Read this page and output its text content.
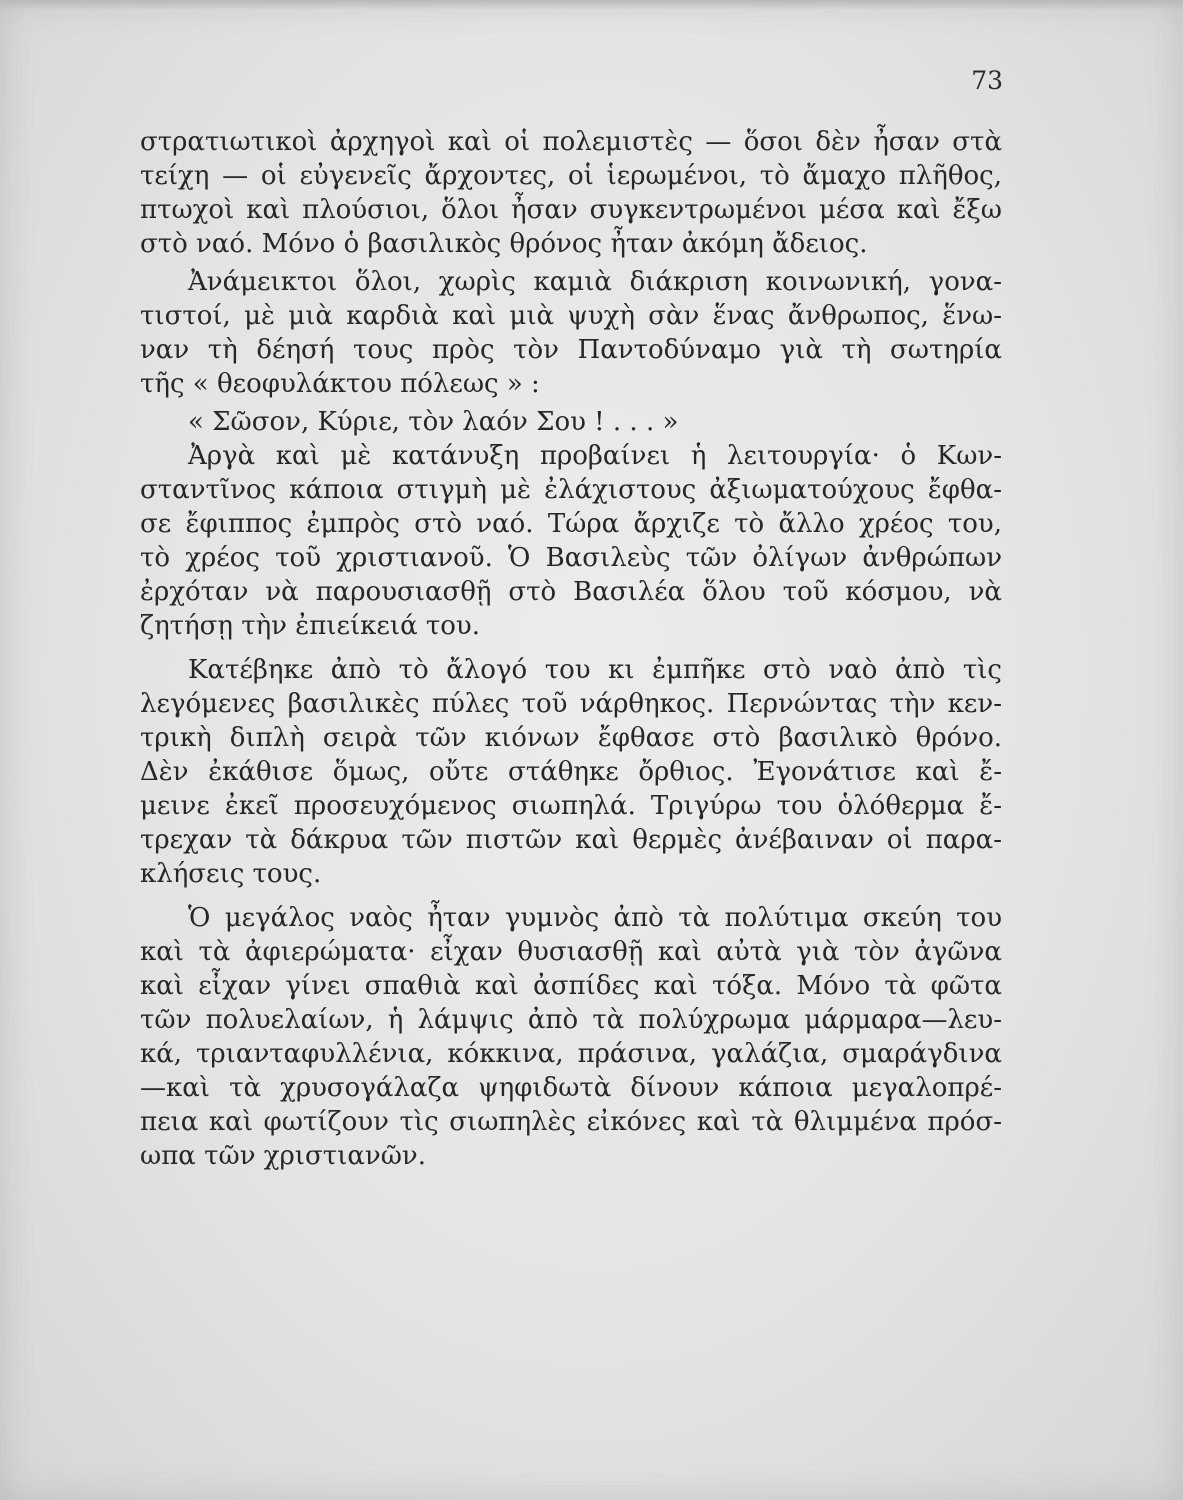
73
στρατιωτικοὶ ἀρχηγοὶ καὶ οἱ πολεμιστὲς — ὅσοι δὲν ἦσαν στὰ
τείχη — οἱ εὐγενεῖς ἄρχοντες, οἱ ἱερωμένοι, τὸ ἄμαχο πλῆθος,
πτωχοὶ καὶ πλούσιοι, ὅλοι ἦσαν συγκεντρωμένοι μέσα καὶ ἔξω
στὸ ναό. Μόνο ὁ βασιλικὸς θρόνος ἦταν ἀκόμη ἄδειος.
Ἀνάμεικτοι ὅλοι, χωρὶς καμιὰ διάκριση κοινωνική, γονα-
τιστοί, μὲ μιὰ καρδιὰ καὶ μιὰ ψυχὴ σὰν ἕνας ἄνθρωπος, ἕνω-
ναν τὴ δέησή τους πρὸς τὸν Παντοδύναμο γιὰ τὴ σωτηρία
τῆς « θεοφυλάκτου πόλεως » :
« Σῶσον, Κύριε, τὸν λαόν Σου ! . . . »
Ἀργὰ καὶ μὲ κατάνυξη προβαίνει ἡ λειτουργία· ὁ Κων-
σταντῖνος κάποια στιγμὴ μὲ ἐλάχιστους ἀξιωματούχους ἔφθα-
σε ἔφιππος ἐμπρὸς στὸ ναό. Τώρα ἄρχιζε τὸ ἄλλο χρέος του,
τὸ χρέος τοῦ χριστιανοῦ. Ὁ Βασιλεὺς τῶν ὀλίγων ἀνθρώπων
ἐρχόταν νὰ παρουσιασθῇ στὸ Βασιλέα ὅλου τοῦ κόσμου, νὰ
ζητήσῃ τὴν ἐπιείκειά του.
Κατέβηκε ἀπὸ τὸ ἄλογό του κι ἐμπῆκε στὸ ναὸ ἀπὸ τὶς
λεγόμενες βασιλικὲς πύλες τοῦ νάρθηκος. Περνώντας τὴν κεν-
τρικὴ διπλὴ σειρὰ τῶν κιόνων ἔφθασε στὸ βασιλικὸ θρόνο.
Δὲν ἐκάθισε ὅμως, οὔτε στάθηκε ὄρθιος. Ἐγονάτισε καὶ ἔ-
μεινε ἐκεῖ προσευχόμενος σιωπηλά. Τριγύρω του ὁλόθερμα ἔ-
τρεχαν τὰ δάκρυα τῶν πιστῶν καὶ θερμὲς ἀνέβαιναν οἱ παρα-
κλήσεις τους.
Ὁ μεγάλος ναὸς ἦταν γυμνὸς ἀπὸ τὰ πολύτιμα σκεύη του
καὶ τὰ ἀφιερώματα· εἶχαν θυσιασθῇ καὶ αὐτὰ γιὰ τὸν ἀγῶνα
καὶ εἶχαν γίνει σπαθιὰ καὶ ἀσπίδες καὶ τόξα. Μόνο τὰ φῶτα
τῶν πολυελαίων, ἡ λάμψις ἀπὸ τὰ πολύχρωμα μάρμαρα—λευ-
κά, τριανταφυλλένια, κόκκινα, πράσινα, γαλάζια, σμαράγδινα
—καὶ τὰ χρυσογάλαζα ψηφιδωτὰ δίνουν κάποια μεγαλοπρέ-
πεια καὶ φωτίζουν τὶς σιωπηλὲς εἰκόνες καὶ τὰ θλιμμένα πρόσ-
ωπα τῶν χριστιανῶν.
